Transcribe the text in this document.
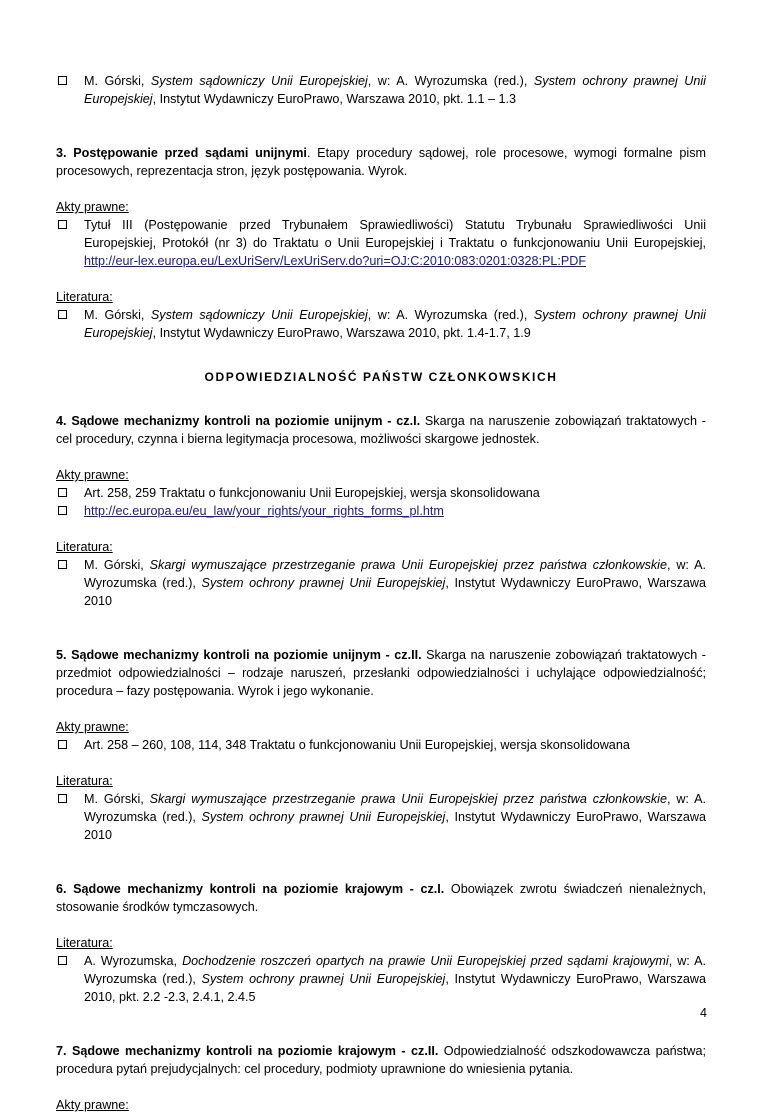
M. Górski, System sądowniczy Unii Europejskiej, w: A. Wyrozumska (red.), System ochrony prawnej Unii Europejskiej, Instytut Wydawniczy EuroPrawo, Warszawa 2010, pkt. 1.1 – 1.3

3. Postępowanie przed sądami unijnymi. Etapy procedury sądowej, role procesowe, wymogi formalne pism procesowych, reprezentacja stron, język postępowania. Wyrok.

Akty prawne:

Tytuł III (Postępowanie przed Trybunałem Sprawiedliwości) Statutu Trybunału Sprawiedliwości Unii Europejskiej, Protokół (nr 3) do Traktatu o Unii Europejskiej i Traktatu o funkcjonowaniu Unii Europejskiej, http://eur-lex.europa.eu/LexUriServ/LexUriServ.do?uri=OJ:C:2010:083:0201:0328:PL:PDF

Literatura:

M. Górski, System sądowniczy Unii Europejskiej, w: A. Wyrozumska (red.), System ochrony prawnej Unii Europejskiej, Instytut Wydawniczy EuroPrawo, Warszawa 2010, pkt. 1.4-1.7, 1.9

ODPOWIEDZIALNOŚĆ PAŃSTW CZŁONKOWSKICH

4. Sądowe mechanizmy kontroli na poziomie unijnym - cz.I. Skarga na naruszenie zobowiązań traktatowych - cel procedury, czynna i bierna legitymacja procesowa, możliwości skargowe jednostek.

Akty prawne:

Art. 258, 259 Traktatu o funkcjonowaniu Unii Europejskiej, wersja skonsolidowana
http://ec.europa.eu/eu_law/your_rights/your_rights_forms_pl.htm

Literatura:

M. Górski, Skargi wymuszające przestrzeganie prawa Unii Europejskiej przez państwa członkowskie, w: A. Wyrozumska (red.), System ochrony prawnej Unii Europejskiej, Instytut Wydawniczy EuroPrawo, Warszawa 2010

5. Sądowe mechanizmy kontroli na poziomie unijnym - cz.II. Skarga na naruszenie zobowiązań traktatowych - przedmiot odpowiedzialności – rodzaje naruszeń, przesłanki odpowiedzialności i uchylające odpowiedzialność; procedura – fazy postępowania. Wyrok i jego wykonanie.

Akty prawne:

Art. 258 – 260, 108, 114, 348 Traktatu o funkcjonowaniu Unii Europejskiej, wersja skonsolidowana

Literatura:

M. Górski, Skargi wymuszające przestrzeganie prawa Unii Europejskiej przez państwa członkowskie, w: A. Wyrozumska (red.), System ochrony prawnej Unii Europejskiej, Instytut Wydawniczy EuroPrawo, Warszawa 2010

6. Sądowe mechanizmy kontroli na poziomie krajowym - cz.I. Obowiązek zwrotu świadczeń nienależnych, stosowanie środków tymczasowych.

Literatura:

A. Wyrozumska, Dochodzenie roszczeń opartych na prawie Unii Europejskiej przed sądami krajowymi, w: A. Wyrozumska (red.), System ochrony prawnej Unii Europejskiej, Instytut Wydawniczy EuroPrawo, Warszawa 2010, pkt. 2.2 -2.3, 2.4.1, 2.4.5

7. Sądowe mechanizmy kontroli na poziomie krajowym - cz.II. Odpowiedzialność odszkodowawcza państwa; procedura pytań prejudycjalnych: cel procedury, podmioty uprawnione do wniesienia pytania.

Akty prawne:

4
